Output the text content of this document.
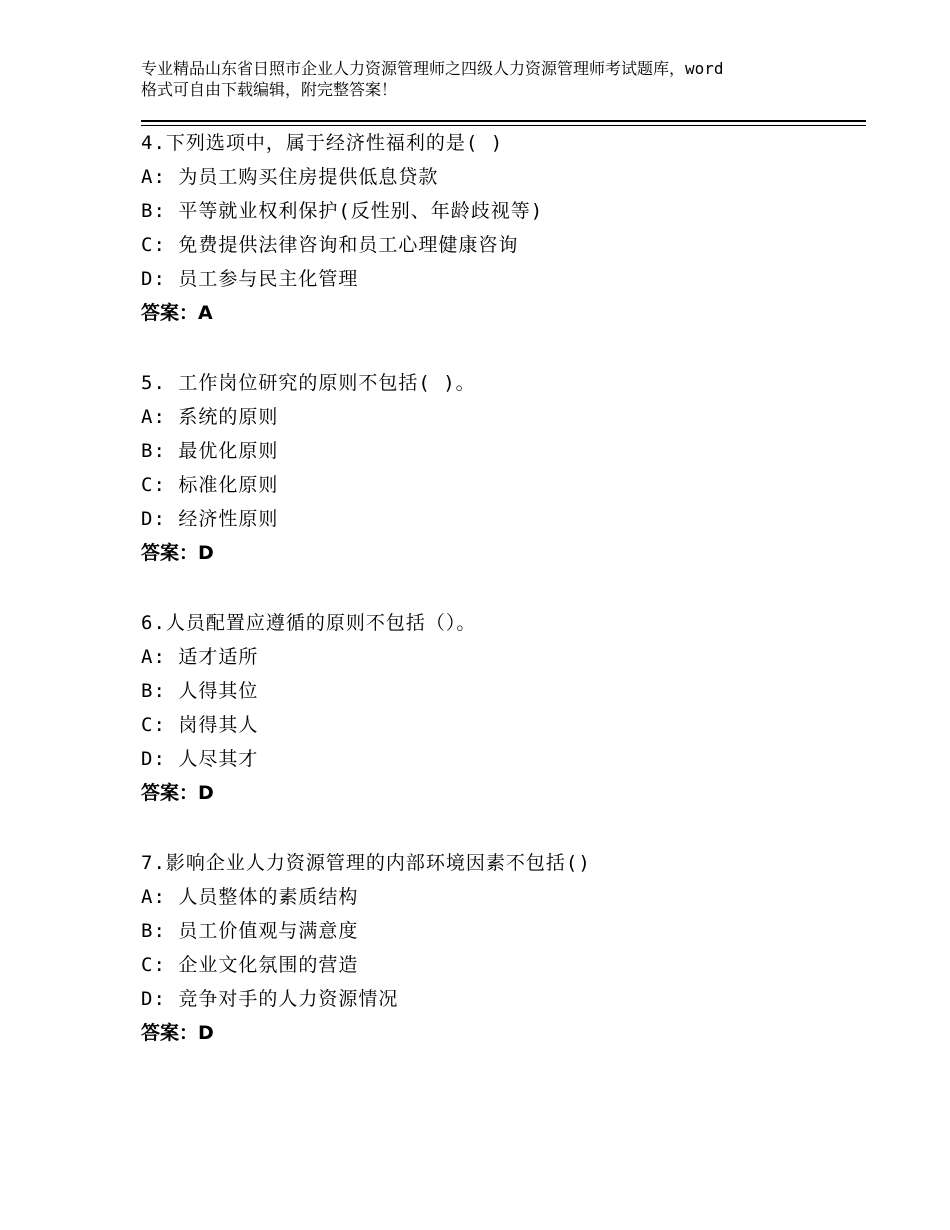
专业精品山东省日照市企业人力资源管理师之四级人力资源管理师考试题库，word
格式可自由下载编辑，附完整答案！
4.下列选项中，属于经济性福利的是( )
A: 为员工购买住房提供低息贷款
B: 平等就业权利保护(反性别、年龄歧视等)
C: 免费提供法律咨询和员工心理健康咨询
D: 员工参与民主化管理
答案：A
5. 工作岗位研究的原则不包括( )。
A: 系统的原则
B: 最优化原则
C: 标准化原则
D: 经济性原则
答案：D
6.人员配置应遵循的原则不包括（）。
A: 适才适所
B: 人得其位
C: 岗得其人
D: 人尽其才
答案：D
7.影响企业人力资源管理的内部环境因素不包括()
A: 人员整体的素质结构
B: 员工价值观与满意度
C: 企业文化氛围的营造
D: 竞争对手的人力资源情况
答案：D
